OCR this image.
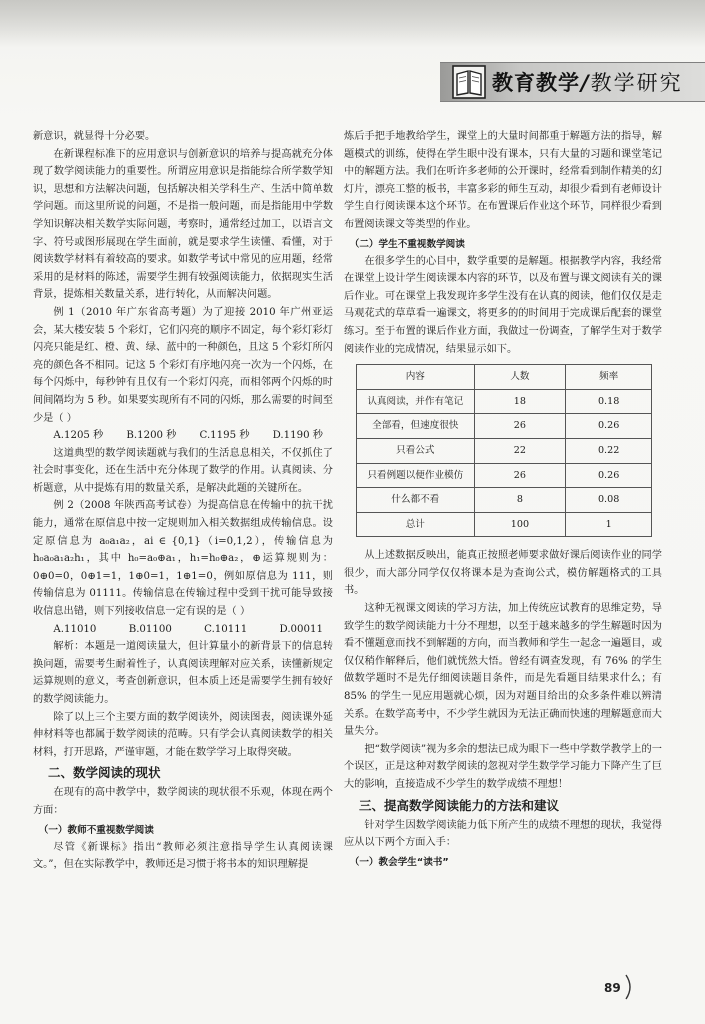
教育教学/教学研究

新意识，就显得十分必要。

在新课程标准下的应用意识与创新意识的培养与提高就充分体现了数学阅读能力的重要性。所谓应用意识是指能综合所学数学知识，思想和方法解决问题，包括解决相关学科生产、生活中简单数学问题。而这里所说的问题，不是指一般问题，而是指能用中学数学知识解决相关数学实际问题，考察时，通常经过加工，以语言文字、符号或图形展现在学生面前，就是要求学生读懂、看懂，对于阅读数学材料有着较高的要求。如数学考试中常见的应用题，经常采用的是材料的陈述，需要学生拥有较强阅读能力，依据现实生活背景，提炼相关数量关系，进行转化，从而解决问题。

例 1（2010 年广东省高考题）为了迎接 2010 年广州亚运会，某大楼安装 5 个彩灯，它们闪亮的顺序不固定，每个彩灯彩灯闪亮只能是红、橙、黄、绿、蓝中的一种颜色，且这 5 个彩灯所闪亮的颜色各不相同。记这 5 个彩灯有序地闪亮一次为一个闪烁，在每个闪烁中，每秒钟有且仅有一个彩灯闪亮，而相邻两个闪烁的时间间隔均为 5 秒。如果要实现所有不同的闪烁，那么需要的时间至少是（ ）

A.1205 秒 B.1200 秒 C.1195 秒 D.1190 秒

这道典型的数学阅读题就与我们的生活息息相关，不仅抓住了社会时事变化，还在生活中充分体现了数学的作用。认真阅读、分析题意，从中提炼有用的数量关系，是解决此题的关键所在。

例 2（2008 年陕西高考试卷）为提高信息在传输中的抗干扰能力，通常在原信息中按一定规则加入相关数据组成传输信息。设定原信息为 a₀a₁a₂，ai ∈ {0,1}（i=0,1,2），传输信息为 h₀a₀a₁a₂h₁，其中 h₀=a₀⊕a₁，h₁=h₀⊕a₂，⊕运算规则为：0⊕0=0，0⊕1=1，1⊕0=1，1⊕1=0，例如原信息为 111，则传输信息为 01111。传输信息在传输过程中受到干扰可能导致接收信息出错，则下列接收信息一定有误的是（ ）

A.11010	B.01100	C.10111	D.00011

解析：本题是一道阅读量大，但计算量小的新背景下的信息转换问题，需要考生耐着性子，认真阅读理解对应关系，读懂新规定运算规则的意义，考查创新意识，但本质上还是需要学生拥有较好的数学阅读能力。

除了以上三个主要方面的数学阅读外，阅读图表，阅读课外延伸材料等也都属于数学阅读的范畴。只有学会认真阅读数学的相关材料，打开思路，严谨审题，才能在数学学习上取得突破。

二、数学阅读的现状

在现有的高中教学中，数学阅读的现状很不乐观，体现在两个方面：

（一）教师不重视数学阅读

尽管《新课标》指出“教师必须注意指导学生认真阅读课文。”，但在实际教学中，教师还是习惯于将书本的知识理解提

炼后手把手地教给学生，课堂上的大量时间都重于解题方法的指导，解题模式的训练，使得在学生眼中没有课本，只有大量的习题和课堂笔记中的解题方法。我们在听许多老师的公开课时，经常看到制作精美的幻灯片，漂亮工整的板书，丰富多彩的师生互动，却很少看到有老师设计学生自行阅读课本这个环节。在布置课后作业这个环节，同样很少看到布置阅读课文等类型的作业。

（二）学生不重视数学阅读

在很多学生的心目中，数学重要的是解题。根据教学内容，我经常在课堂上设计学生阅读课本内容的环节，以及布置与课文阅读有关的课后作业。可在课堂上我发现许多学生没有在认真的阅读，他们仅仅是走马观花式的草草看一遍课文，将更多的的时间用于完成课后配套的课堂练习。至于布置的课后作业方面，我做过一份调查，了解学生对于数学阅读作业的完成情况，结果显示如下。

内容	人数	频率
认真阅读，并作有笔记	18	0.18
全部看，但速度很快	26	0.26
只看公式	22	0.22
只看例题以便作业模仿	26	0.26
什么都不看	8	0.08
总计	100	1

从上述数据反映出，能真正按照老师要求做好课后阅读作业的同学很少，而大部分同学仅仅将课本是为查询公式，模仿解题格式的工具书。

这种无视课文阅读的学习方法，加上传统应试教育的思维定势，导致学生的数学阅读能力十分不理想，以至于越来越多的学生解题时因为看不懂题意而找不到解题的方向，而当教师和学生一起念一遍题目，或仅仅稍作解释后，他们就恍然大悟。曾经有调查发现，有 76% 的学生做数学题时不是先仔细阅读题目条件，而是先看题目结果求什么；有 85% 的学生一见应用题就心烦，因为对题目给出的众多条件难以辨清关系。在数学高考中，不少学生就因为无法正确而快速的理解题意而大量失分。

把“数学阅读”视为多余的想法已成为眼下一些中学数学教学上的一个误区，正是这种对数学阅读的忽视对学生数学学习能力下降产生了巨大的影响，直接造成不少学生的数学成绩不理想！

三、提高数学阅读能力的方法和建议

针对学生因数学阅读能力低下所产生的成绩不理想的现状，我觉得应从以下两个方面入手：

（一）教会学生“读书”
89
